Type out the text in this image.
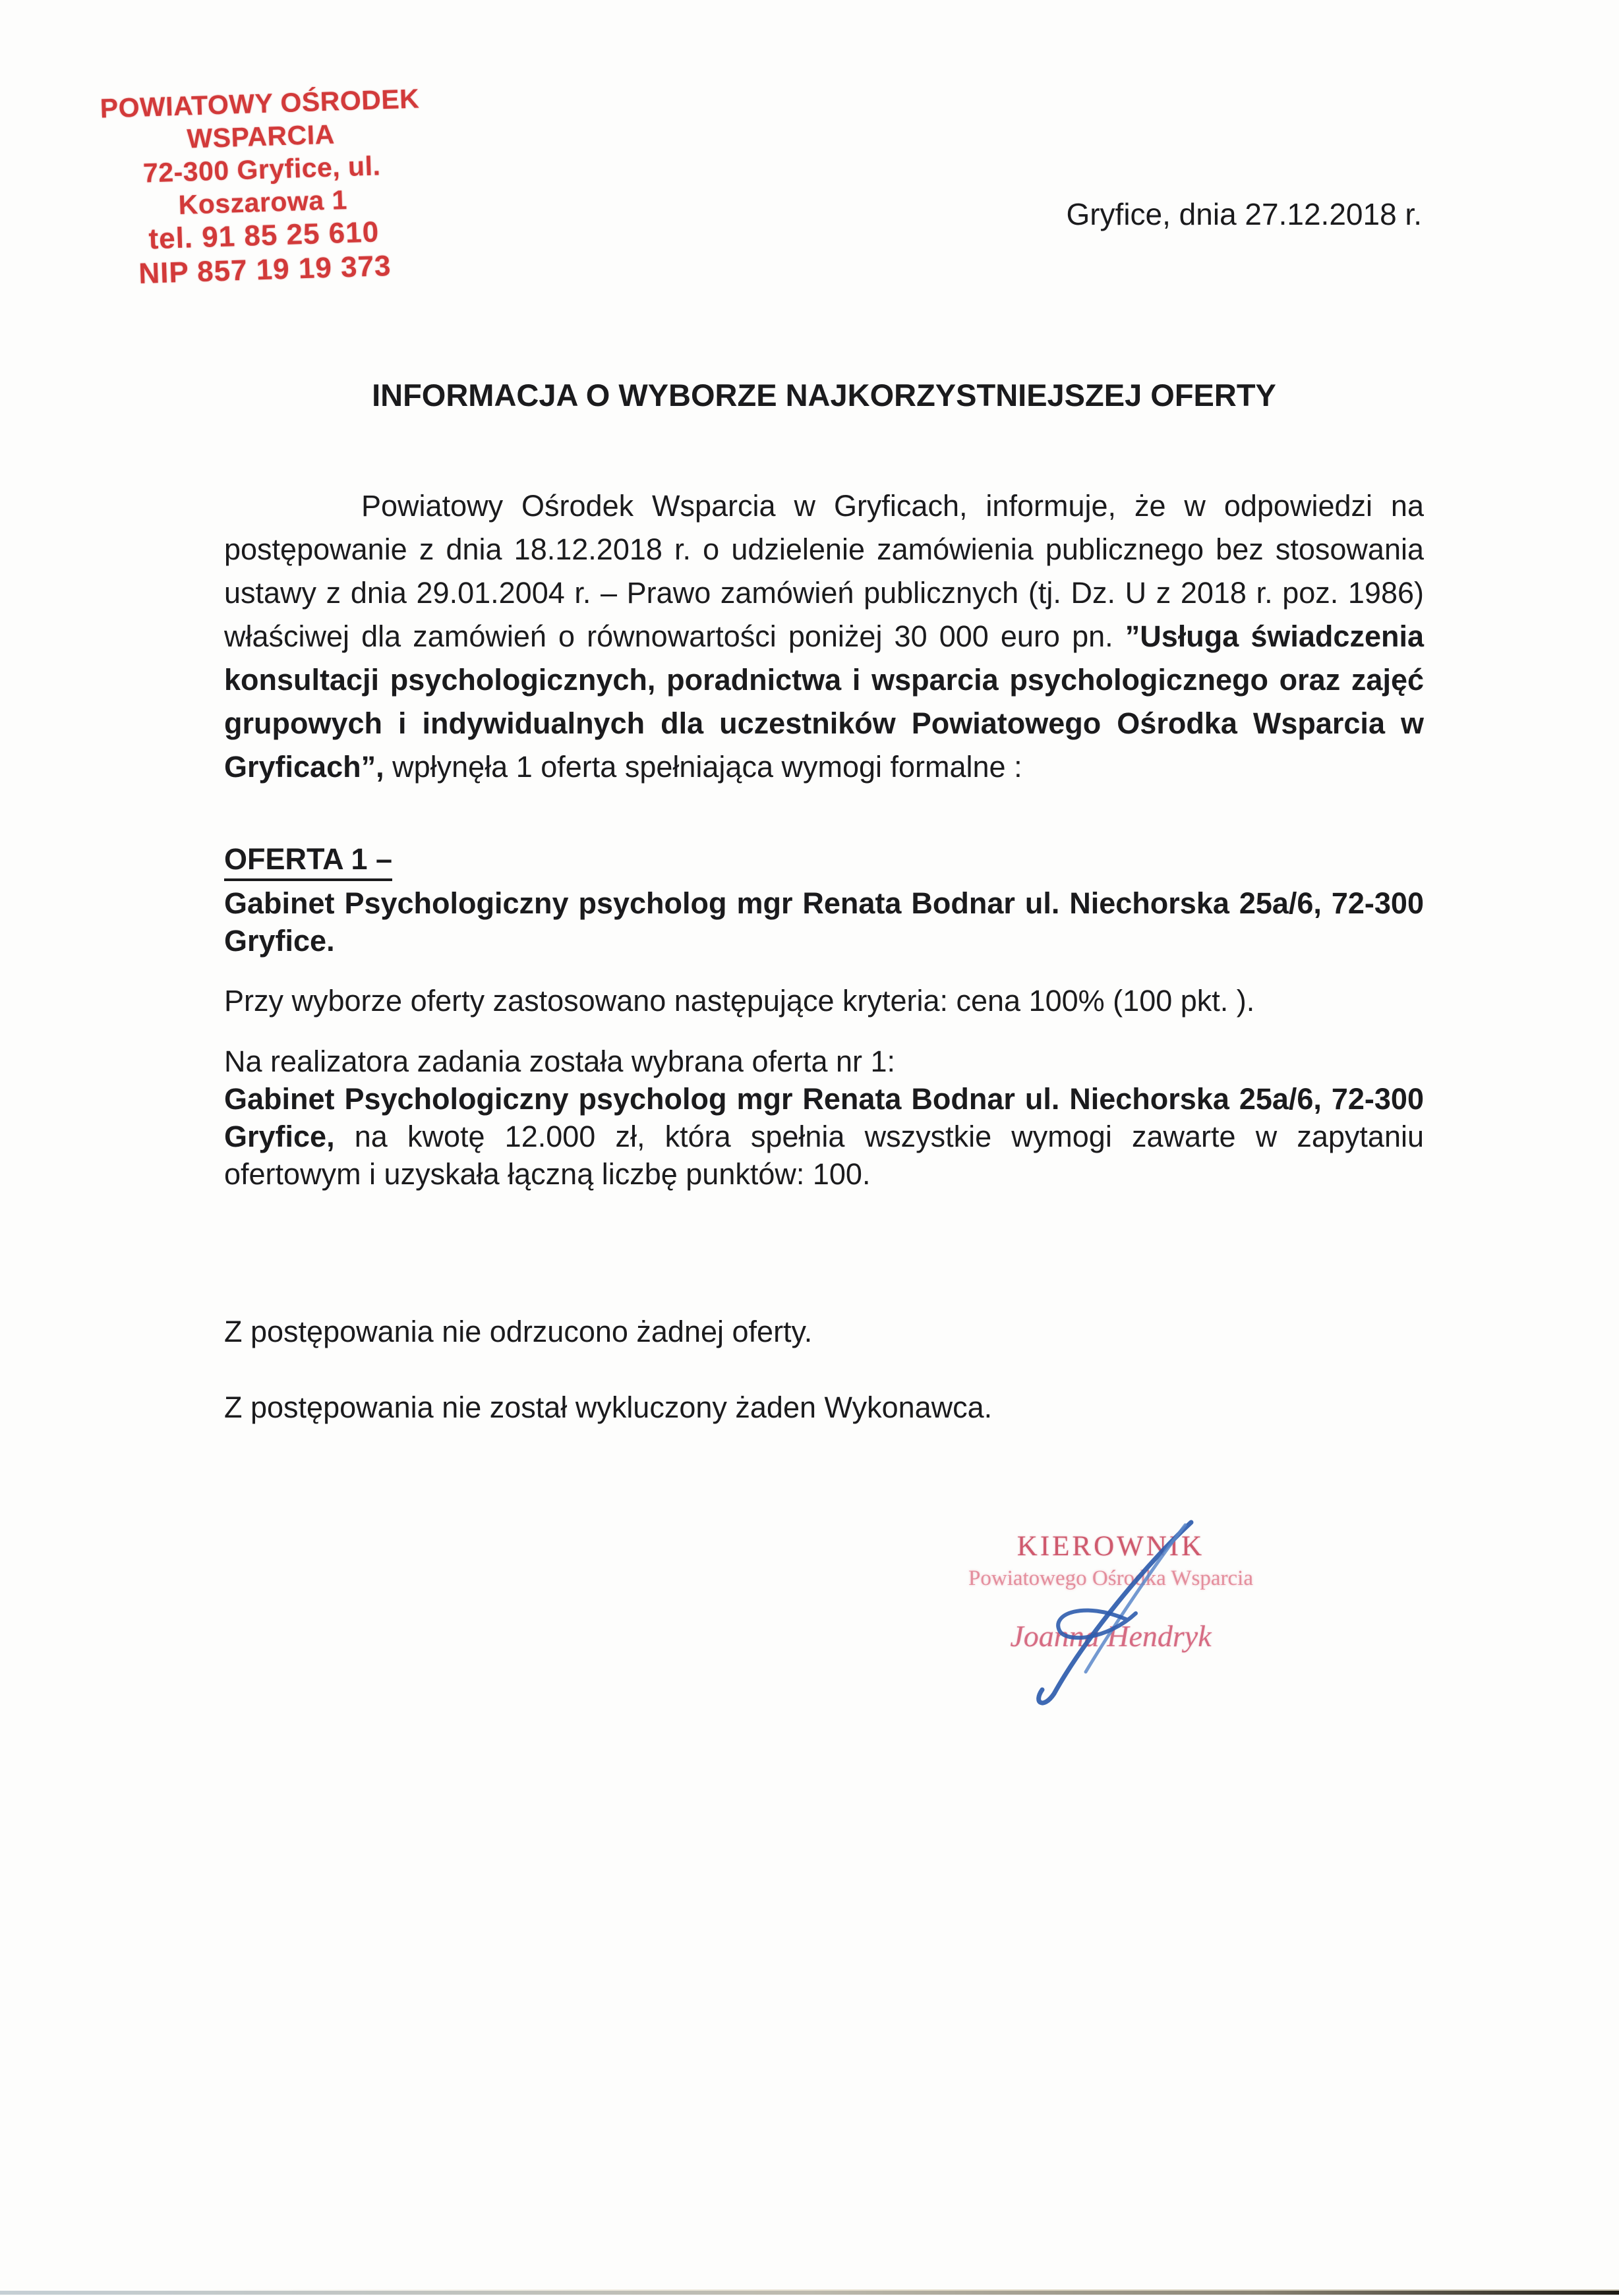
POWIATOWY OŚRODEK WSPARCIA
72-300 Gryfice, ul. Koszarowa 1
tel. 91 85 25 610
NIP 857 19 19 373
Gryfice, dnia 27.12.2018 r.
INFORMACJA O WYBORZE NAJKORZYSTNIEJSZEJ OFERTY

Powiatowy Ośrodek Wsparcia w Gryficach, informuje, że w odpowiedzi na postępowanie z dnia 18.12.2018 r. o udzielenie zamówienia publicznego bez stosowania ustawy z dnia 29.01.2004 r. – Prawo zamówień publicznych (tj. Dz. U z 2018 r. poz. 1986) właściwej dla zamówień o równowartości poniżej 30 000 euro pn. ”Usługa świadczenia konsultacji psychologicznych, poradnictwa i wsparcia psychologicznego oraz zajęć grupowych i indywidualnych dla uczestników Powiatowego Ośrodka Wsparcia w Gryficach”, wpłynęła 1 oferta spełniająca wymogi formalne :

OFERTA 1 –

Gabinet Psychologiczny psycholog mgr Renata Bodnar ul. Niechorska 25a/6, 72-300 Gryfice.

Przy wyborze oferty zastosowano następujące kryteria: cena 100% (100 pkt. ).

Na realizatora zadania została wybrana oferta nr 1:
Gabinet Psychologiczny psycholog mgr Renata Bodnar ul. Niechorska 25a/6, 72-300 Gryfice, na kwotę 12.000 zł, która spełnia wszystkie wymogi zawarte w zapytaniu ofertowym i uzyskała łączną liczbę punktów: 100.

Z postępowania nie odrzucono żadnej oferty.

Z postępowania nie został wykluczony żaden Wykonawca.

KIEROWNIK
Powiatowego Ośrodka Wsparcia
Joanna Hendryk
